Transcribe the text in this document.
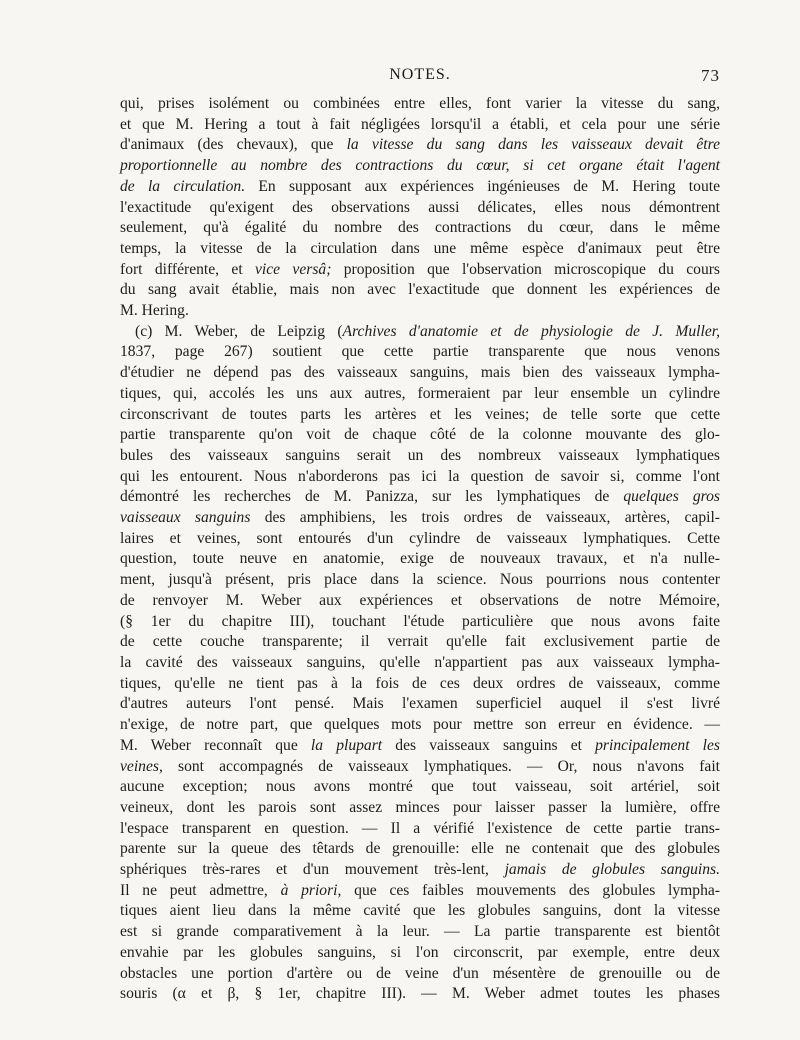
NOTES.	73

qui, prises isolément ou combinées entre elles, font varier la vitesse du sang,

et que M. Hering a tout à fait négligées lorsqu'il a établi, et cela pour une série

d'animaux (des chevaux), que la vitesse du sang dans les vaisseaux devait être

proportionnelle au nombre des contractions du cœur, si cet organe était l'agent

de la circulation. En supposant aux expériences ingénieuses de M. Hering toute

l'exactitude qu'exigent des observations aussi délicates, elles nous démontrent

seulement, qu'à égalité du nombre des contractions du cœur, dans le même

temps, la vitesse de la circulation dans une même espèce d'animaux peut être

fort différente, et vice versâ; proposition que l'observation microscopique du cours

du sang avait établie, mais non avec l'exactitude que donnent les expériences de

M. Hering.

(c) M. Weber, de Leipzig (Archives d'anatomie et de physiologie de J. Muller,

1837, page 267) soutient que cette partie transparente que nous venons

d'étudier ne dépend pas des vaisseaux sanguins, mais bien des vaisseaux lympha-

tiques, qui, accolés les uns aux autres, formeraient par leur ensemble un cylindre

circonscrivant de toutes parts les artères et les veines; de telle sorte que cette

partie transparente qu'on voit de chaque côté de la colonne mouvante des glo-

bules des vaisseaux sanguins serait un des nombreux vaisseaux lymphatiques

qui les entourent. Nous n'aborderons pas ici la question de savoir si, comme l'ont

démontré les recherches de M. Panizza, sur les lymphatiques de quelques gros

vaisseaux sanguins des amphibiens, les trois ordres de vaisseaux, artères, capil-

laires et veines, sont entourés d'un cylindre de vaisseaux lymphatiques. Cette

question, toute neuve en anatomie, exige de nouveaux travaux, et n'a nulle-

ment, jusqu'à présent, pris place dans la science. Nous pourrions nous contenter

de renvoyer M. Weber aux expériences et observations de notre Mémoire,

(§ 1er du chapitre III), touchant l'étude particulière que nous avons faite

de cette couche transparente; il verrait qu'elle fait exclusivement partie de

la cavité des vaisseaux sanguins, qu'elle n'appartient pas aux vaisseaux lympha-

tiques, qu'elle ne tient pas à la fois de ces deux ordres de vaisseaux, comme

d'autres auteurs l'ont pensé. Mais l'examen superficiel auquel il s'est livré

n'exige, de notre part, que quelques mots pour mettre son erreur en évidence. —

M. Weber reconnaît que la plupart des vaisseaux sanguins et principalement les

veines, sont accompagnés de vaisseaux lymphatiques. — Or, nous n'avons fait

aucune exception; nous avons montré que tout vaisseau, soit artériel, soit

veineux, dont les parois sont assez minces pour laisser passer la lumière, offre

l'espace transparent en question. — Il a vérifié l'existence de cette partie trans-

parente sur la queue des têtards de grenouille: elle ne contenait que des globules

sphériques très-rares et d'un mouvement très-lent, jamais de globules sanguins.

Il ne peut admettre, à priori, que ces faibles mouvements des globules lympha-

tiques aient lieu dans la même cavité que les globules sanguins, dont la vitesse

est si grande comparativement à la leur. — La partie transparente est bientôt

envahie par les globules sanguins, si l'on circonscrit, par exemple, entre deux

obstacles une portion d'artère ou de veine d'un mésentère de grenouille ou de

souris (α et β, § 1er, chapitre III). — M. Weber admet toutes les phases
